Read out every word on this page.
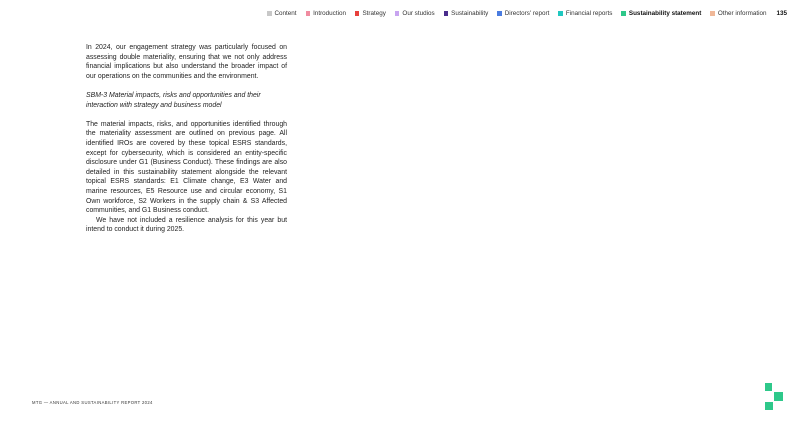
Content	Introduction	Strategy	Our studios	Sustainability	Directors' report	Financial reports	Sustainability statement	Other information 135

In 2024, our engagement strategy was particularly focused on assessing double materiality, ensuring that we not only address financial implications but also understand the broader impact of our operations on the communities and the environment.

SBM-3 Material impacts, risks and opportunities and their interaction with strategy and business model

The material impacts, risks, and opportunities identified through the materiality assessment are outlined on previous page. All identified IROs are covered by these topical ESRS standards, except for cybersecurity, which is considered an entity-specific disclosure under G1 (Business Conduct). These findings are also detailed in this sustainability statement alongside the relevant topical ESRS standards: E1 Climate change, E3 Water and marine resources, E5 Resource use and circular economy, S1 Own workforce, S2 Workers in the supply chain & S3 Affected communities, and G1 Business conduct.

We have not included a resilience analysis for this year but intend to conduct it during 2025.

MTG — ANNUAL AND SUSTAINABILITY REPORT 2024
